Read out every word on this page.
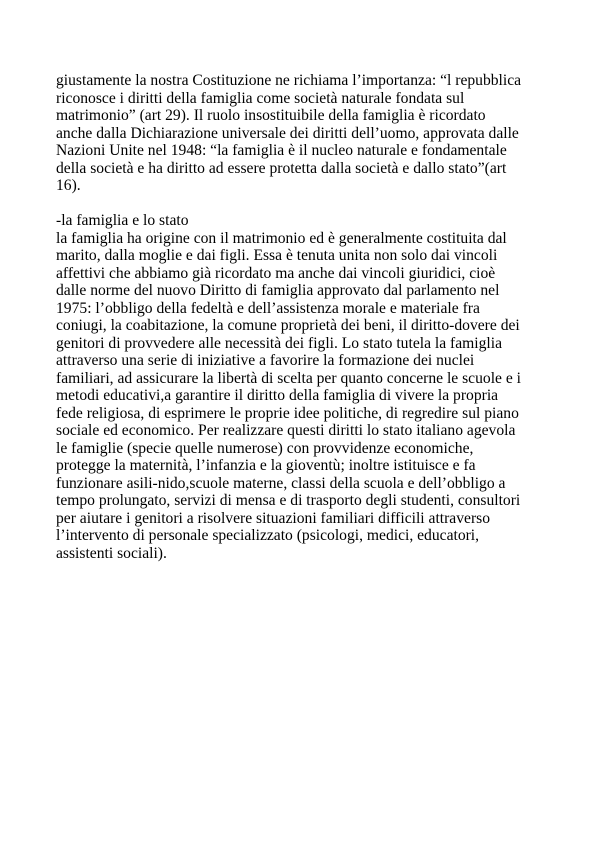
giustamente la nostra Costituzione ne richiama l’importanza: “l repubblica
riconosce i diritti della famiglia come società naturale fondata sul
matrimonio” (art 29). Il ruolo insostituibile della famiglia è ricordato
anche dalla Dichiarazione universale dei diritti dell’uomo, approvata dalle
Nazioni Unite nel 1948: “la famiglia è il nucleo naturale e fondamentale
della società e ha diritto ad essere protetta dalla società e dallo stato”(art
16).
-la famiglia e lo stato
la famiglia ha origine con il matrimonio ed è generalmente costituita dal
marito, dalla moglie e dai figli. Essa è tenuta unita non solo dai vincoli
affettivi che abbiamo già ricordato ma anche dai vincoli giuridici, cioè
dalle norme del nuovo Diritto di famiglia approvato dal parlamento nel
1975: l’obbligo della fedeltà e dell’assistenza morale e materiale fra
coniugi, la coabitazione, la comune proprietà dei beni, il diritto-dovere dei
genitori di provvedere alle necessità dei figli. Lo stato tutela la famiglia
attraverso una serie di iniziative a favorire la formazione dei nuclei
familiari, ad assicurare la libertà di scelta per quanto concerne le scuole e i
metodi educativi,a garantire il diritto della famiglia di vivere la propria
fede religiosa, di esprimere le proprie idee politiche, di regredire sul piano
sociale ed economico. Per realizzare questi diritti lo stato italiano agevola
le famiglie (specie quelle numerose) con provvidenze economiche,
protegge la maternità, l’infanzia e la gioventù; inoltre istituisce e fa
funzionare asili-nido,scuole materne, classi della scuola e dell’obbligo a
tempo prolungato, servizi di mensa e di trasporto degli studenti, consultori
per aiutare i genitori a risolvere situazioni familiari difficili attraverso
l’intervento di personale specializzato (psicologi, medici, educatori,
assistenti sociali).
